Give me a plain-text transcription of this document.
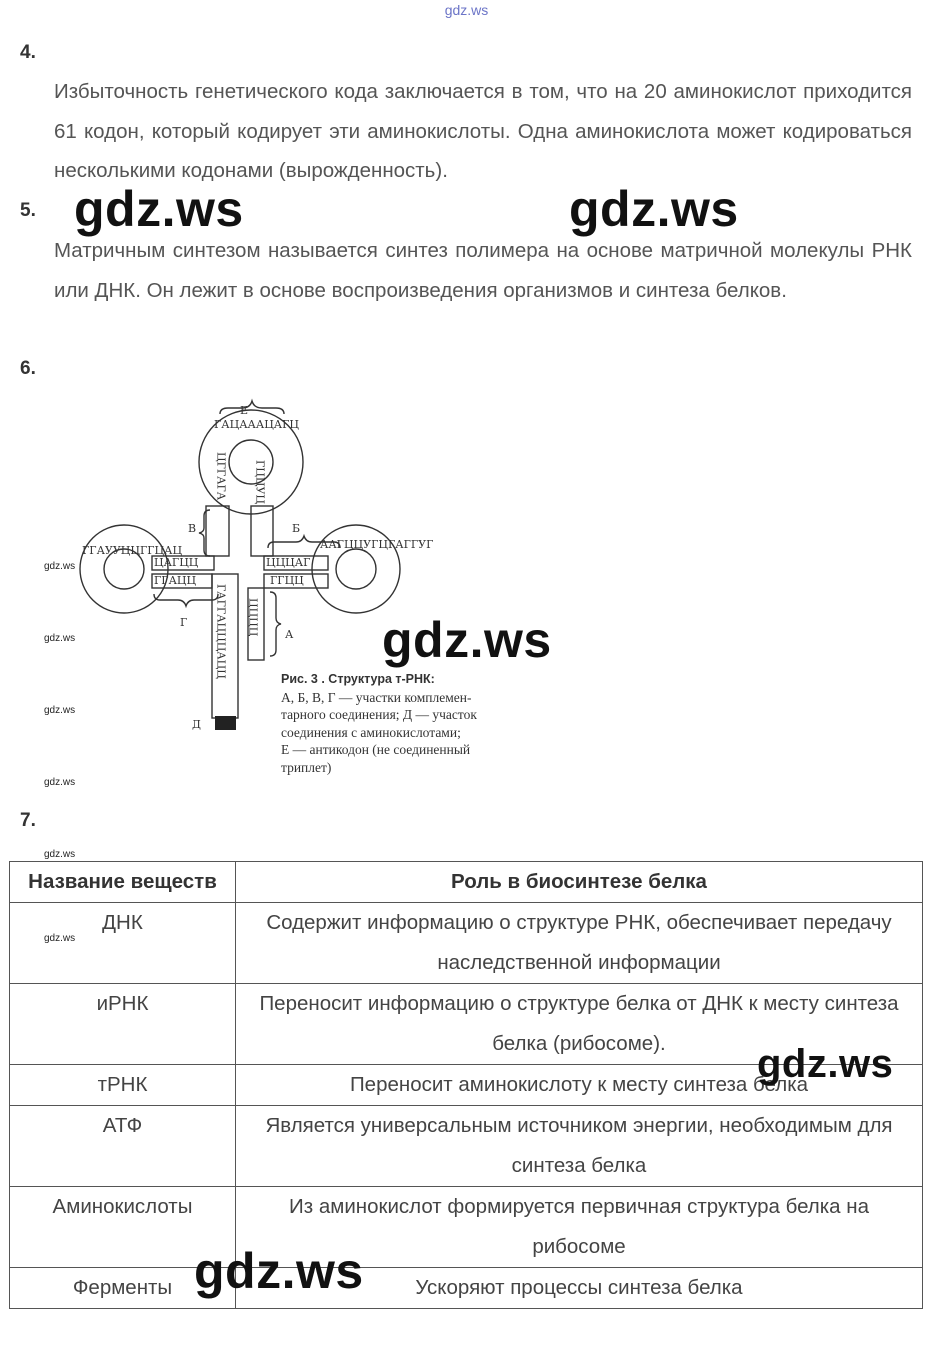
gdz.ws
4.
Избыточность генетического кода заключается в том, что на 20 аминокислот приходится 61 кодон, который кодирует эти аминокислоты. Одна аминокислота может кодироваться несколькими кодонами (вырожденность).
5.
Матричным синтезом называется синтез полимера на основе матричной молекулы РНК или ДНК. Он лежит в основе воспроизведения организмов и синтеза белков.
gdz.ws	gdz.ws
6.
ЦГГАГА ГЦЦУЦ
ГАЦАААЦАГЦ
ЦАГЦЦ
ГГАЦЦ
ГГАУУЦЦГГЦАЦ
ЦЦЦАГ
ГГЦЦ
ААГЦЦУГЦГАГГУГ
ЦЦЦЦ
ГАГГАЦЦЦАЦЦ
Е
В	Б
Г
А
Д
Рис. 3 . Структура т-РНК:
А, Б, В, Г — участки комплемен-
тарного соединения; Д — участок
соединения с аминокислотами;
Е — антикодон (не соединенный
триплет)
gdz.ws
gdz.ws
gdz.ws
gdz.ws
gdz.ws
7.
gdz.ws
Название веществ	Роль в биосинтезе белка
ДНК	Содержит информацию о структуре РНК, обеспечивает передачу наследственной информации
иРНК	Переносит информацию о структуре белка от ДНК к месту синтеза белка (рибосоме).
тРНК	Переносит аминокислоту к месту синтеза белка
АТФ	Является универсальным источником энергии, необходимым для синтеза белка
Аминокислоты	Из аминокислот формируется первичная структура белка на рибосоме
Ферменты	Ускоряют процессы синтеза белка
gdz.ws
gdz.ws
gdz.ws
